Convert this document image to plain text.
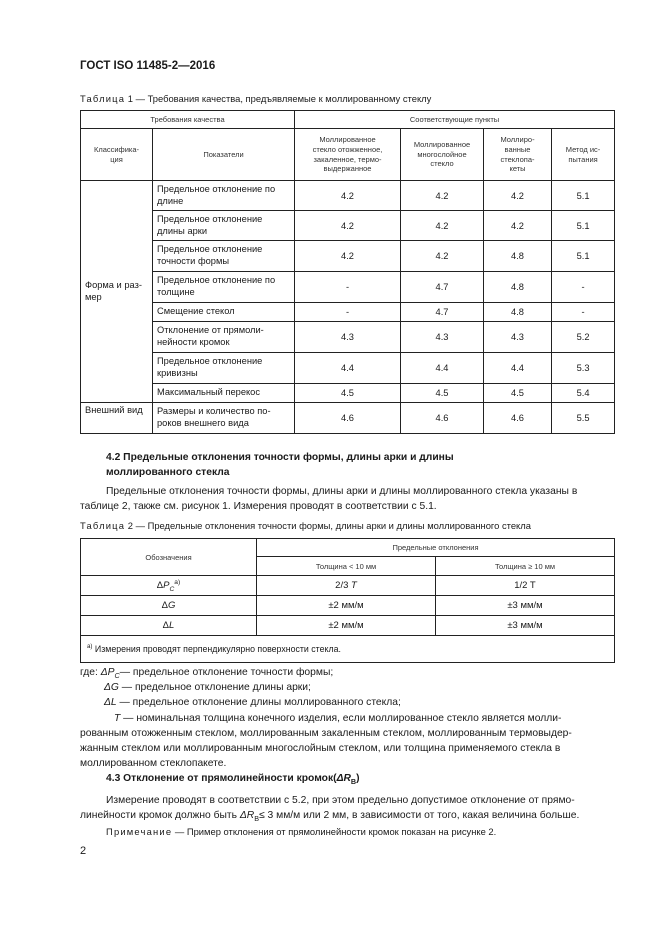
ГОСТ ISO 11485-2—2016
Таблица 1 — Требования качества, предъявляемые к моллированному стеклу
Требования качества		Соответствующие пункты			
Классифика-
ция	Показатели	Моллированное
стекло отожженное,
закаленное, термо-
выдержанное	Моллированное
многослойное
стекло	Моллиро-
ванные
стеклопа-
кеты	Метод ис-
пытания
Форма и раз-
мер	Предельное отклонение по
длине	4.2	4.2	4.2	5.1
	Предельное отклонение
длины арки	4.2	4.2	4.2	5.1
	Предельное отклонение
точности формы	4.2	4.2	4.8	5.1
	Предельное отклонение по
толщине	-	4.7	4.8	-
	Смещение стекол	-	4.7	4.8	-
	Отклонение от прямоли-
нейности кромок	4.3	4.3	4.3	5.2
	Предельное отклонение
кривизны	4.4	4.4	4.4	5.3
	Максимальный перекос	4.5	4.5	4.5	5.4
Внешний вид	Размеры и количество по-
роков внешнего вида	4.6	4.6	4.6	5.5
4.2 Предельные отклонения точности формы, длины арки и длины
моллированного стекла
Предельные отклонения точности формы, длины арки и длины моллированного стекла указаны в
таблице 2, также см. рисунок 1. Измерения проводят в соответствии с 5.1.
Таблица 2 — Предельные отклонения точности формы, длины арки и длины моллированного стекла
Обозначения	Предельные отклонения	
	Толщина < 10 мм	Толщина ≥ 10 мм
$\Delta P_C^{a)}$	2/3 T	1/2 T
ΔG	±2 мм/м	±3 мм/м
ΔL	±2 мм/м	±3 мм/м
$^{a)}$ Измерения проводят перпендикулярно поверхности стекла.		
где: $\Delta P_C—$ предельное отклонение точности формы;
ΔG — предельное отклонение длины арки;
ΔL — предельное отклонение длины моллированного стекла;
T — номинальная толщина конечного изделия, если моллированное стекло является молли-
рованным отожженным стеклом, моллированным закаленным стеклом, моллированным термовыдер-
жанным стеклом или моллированным многослойным стеклом, или толщина применяемого стекла в
моллированном стеклопакете.
4.3 Отклонение от прямолинейности $кромок(\Delta R_B)$
Измерение проводят в соответствии с 5.2, при этом предельно допустимое отклонение от прямо-
линейности кромок должно быть $\Delta R_B\le 3$ мм/м или 2 мм, в зависимости от того, какая величина больше.
Примечание — Пример отклонения от прямолинейности кромок показан на рисунке 2.
2
